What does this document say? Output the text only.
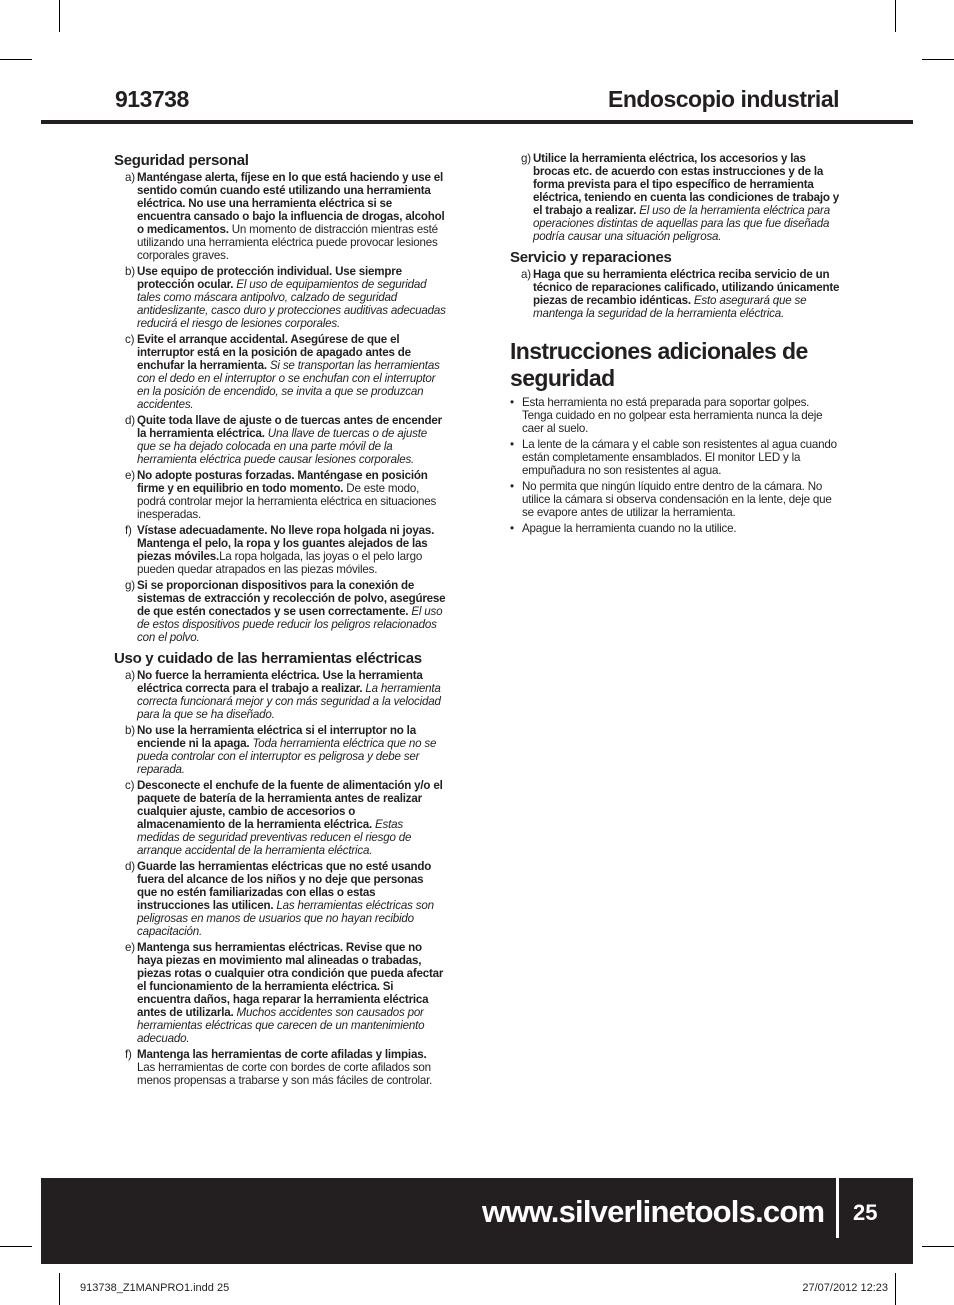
913738	Endoscopio industrial
Seguridad personal
a) Manténgase alerta, fíjese en lo que está haciendo y use el sentido común cuando esté utilizando una herramienta eléctrica. No use una herramienta eléctrica si se encuentra cansado o bajo la influencia de drogas, alcohol o medicamentos. Un momento de distracción mientras esté utilizando una herramienta eléctrica puede provocar lesiones corporales graves.
b) Use equipo de protección individual. Use siempre protección ocular. El uso de equipamientos de seguridad tales como máscara antipolvo, calzado de seguridad antideslizante, casco duro y protecciones auditivas adecuadas reducirá el riesgo de lesiones corporales.
c) Evite el arranque accidental. Asegúrese de que el interruptor está en la posición de apagado antes de enchufar la herramienta. Si se transportan las herramientas con el dedo en el interruptor o se enchufan con el interruptor en la posición de encendido, se invita a que se produzcan accidentes.
d) Quite toda llave de ajuste o de tuercas antes de encender la herramienta eléctrica. Una llave de tuercas o de ajuste que se ha dejado colocada en una parte móvil de la herramienta eléctrica puede causar lesiones corporales.
e) No adopte posturas forzadas. Manténgase en posición firme y en equilibrio en todo momento. De este modo, podrá controlar mejor la herramienta eléctrica en situaciones inesperadas.
f) Vístase adecuadamente. No lleve ropa holgada ni joyas. Mantenga el pelo, la ropa y los guantes alejados de las piezas móviles.La ropa holgada, las joyas o el pelo largo pueden quedar atrapados en las piezas móviles.
g) Si se proporcionan dispositivos para la conexión de sistemas de extracción y recolección de polvo, asegúrese de que estén conectados y se usen correctamente. El uso de estos dispositivos puede reducir los peligros relacionados con el polvo.
Uso y cuidado de las herramientas eléctricas
a) No fuerce la herramienta eléctrica. Use la herramienta eléctrica correcta para el trabajo a realizar. La herramienta correcta funcionará mejor y con más seguridad a la velocidad para la que se ha diseñado.
b) No use la herramienta eléctrica si el interruptor no la enciende ni la apaga. Toda herramienta eléctrica que no se pueda controlar con el interruptor es peligrosa y debe ser reparada.
c) Desconecte el enchufe de la fuente de alimentación y/o el paquete de batería de la herramienta antes de realizar cualquier ajuste, cambio de accesorios o almacenamiento de la herramienta eléctrica. Estas medidas de seguridad preventivas reducen el riesgo de arranque accidental de la herramienta eléctrica.
d) Guarde las herramientas eléctricas que no esté usando fuera del alcance de los niños y no deje que personas que no estén familiarizadas con ellas o estas instrucciones las utilicen. Las herramientas eléctricas son peligrosas en manos de usuarios que no hayan recibido capacitación.
e) Mantenga sus herramientas eléctricas. Revise que no haya piezas en movimiento mal alineadas o trabadas, piezas rotas o cualquier otra condición que pueda afectar el funcionamiento de la herramienta eléctrica. Si encuentra daños, haga reparar la herramienta eléctrica antes de utilizarla. Muchos accidentes son causados por herramientas eléctricas que carecen de un mantenimiento adecuado.
f) Mantenga las herramientas de corte afiladas y limpias. Las herramientas de corte con bordes de corte afilados son menos propensas a trabarse y son más fáciles de controlar.
g) Utilice la herramienta eléctrica, los accesorios y las brocas etc. de acuerdo con estas instrucciones y de la forma prevista para el tipo específico de herramienta eléctrica, teniendo en cuenta las condiciones de trabajo y el trabajo a realizar. El uso de la herramienta eléctrica para operaciones distintas de aquellas para las que fue diseñada podría causar una situación peligrosa.
Servicio y reparaciones
a) Haga que su herramienta eléctrica reciba servicio de un técnico de reparaciones calificado, utilizando únicamente piezas de recambio idénticas. Esto asegurará que se mantenga la seguridad de la herramienta eléctrica.
Instrucciones adicionales de seguridad
• Esta herramienta no está preparada para soportar golpes. Tenga cuidado en no golpear esta herramienta nunca la deje caer al suelo.
• La lente de la cámara y el cable son resistentes al agua cuando están completamente ensamblados. El monitor LED y la empuñadura no son resistentes al agua.
• No permita que ningún líquido entre dentro de la cámara. No utilice la cámara si observa condensación en la lente, deje que se evapore antes de utilizar la herramienta.
• Apague la herramienta cuando no la utilice.
www.silverlinetools.com 25
913738_Z1MANPRO1.indd 25	27/07/2012 12:23
